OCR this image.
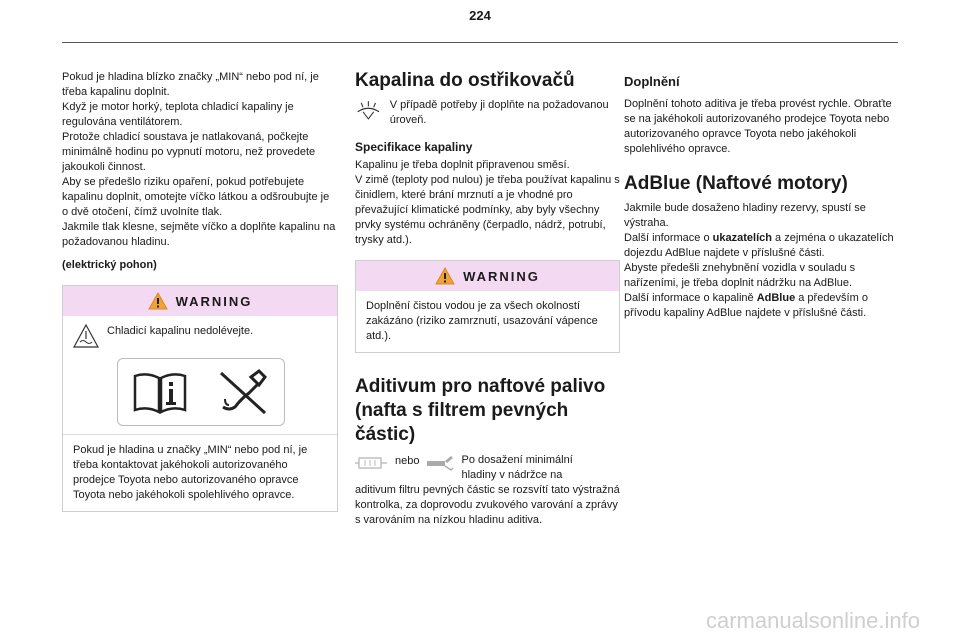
224

Pokud je hladina blízko značky „MIN“ nebo pod ní, je třeba kapalinu doplnit.
Když je motor horký, teplota chladicí kapaliny je regulována ventilátorem.
Protože chladicí soustava je natlakovaná, počkejte minimálně hodinu po vypnutí motoru, než provedete jakoukoli činnost.
Aby se předešlo riziku opaření, pokud potřebujete kapalinu doplnit, omotejte víčko látkou a odšroubujte je o dvě otočení, čímž uvolníte tlak.
Jakmile tlak klesne, sejměte víčko a doplňte kapalinu na požadovanou hladinu.

(elektrický pohon)

WARNING

Chladicí kapalinu nedolévejte.

Pokud je hladina u značky „MIN“ nebo pod ní, je třeba kontaktovat jakéhokoli autorizovaného prodejce Toyota nebo autorizovaného opravce Toyota nebo jakéhokoli spolehlivého opravce.

Kapalina do ostřikovačů

V případě potřeby ji doplňte na požadovanou úroveň.

Specifikace kapaliny

Kapalinu je třeba doplnit připravenou směsí.
V zimě (teploty pod nulou) je třeba používat kapalinu s činidlem, které brání mrznutí a je vhodné pro převažující klimatické podmínky, aby byly všechny prvky systému ochráněny (čerpadlo, nádrž, potrubí, trysky atd.).

WARNING

Doplnění čistou vodou je za všech okolností zakázáno (riziko zamrznutí, usazování vápence atd.).

Aditivum pro naftové palivo (nafta s filtrem pevných částic)
nebo	Po dosažení minimální hladiny v nádržce na

aditivum filtru pevných částic se rozsvítí tato výstražná kontrolka, za doprovodu zvukového varování a zprávy s varováním na nízkou hladinu aditiva.

Doplnění

Doplnění tohoto aditiva je třeba provést rychle. Obraťte se na jakéhokoli autorizovaného prodejce Toyota nebo autorizovaného opravce Toyota nebo jakéhokoli spolehlivého opravce.

AdBlue (Naftové motory)

Jakmile bude dosaženo hladiny rezervy, spustí se výstraha.

Další informace o ukazatelích a zejména o ukazatelích dojezdu AdBlue najdete v příslušné části.

Abyste předešli znehybnění vozidla v souladu s nařízeními, je třeba doplnit nádržku na AdBlue.

Další informace o kapalině AdBlue a především o přívodu kapaliny AdBlue najdete v příslušné části.

carmanualsonline.info
